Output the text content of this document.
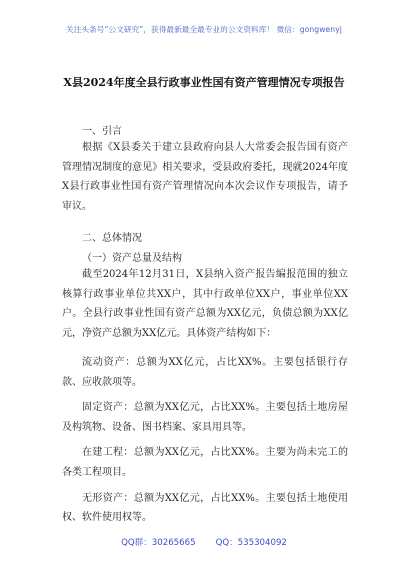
关注头条号“公文研究”，获得最新最全最专业的公文资料库！ 微信：gongwenyj
X县2024年度全县行政事业性国有资产管理情况专项报告
一、引言

根据《X县委关于建立县政府向县人大常委会报告国有资产管理情况制度的意见》相关要求，受县政府委托，现就2024年度X县行政事业性国有资产管理情况向本次会议作专项报告，请予审议。

二、总体情况
（一）资产总量及结构

截至2024年12月31日，X县纳入资产报告编报范围的独立核算行政事业单位共XX户，其中行政单位XX户，事业单位XX户。全县行政事业性国有资产总额为XX亿元，负债总额为XX亿元，净资产总额为XX亿元。具体资产结构如下：

流动资产：总额为XX亿元，占比XX%。主要包括银行存款、应收款项等。

固定资产：总额为XX亿元，占比XX%。主要包括土地房屋及构筑物、设备、图书档案、家具用具等。

在建工程：总额为XX亿元，占比XX%。主要为尚未完工的各类工程项目。

无形资产：总额为XX亿元，占比XX%。主要包括土地使用权、软件使用权等。

QQ群：30265665 QQ：535304092
